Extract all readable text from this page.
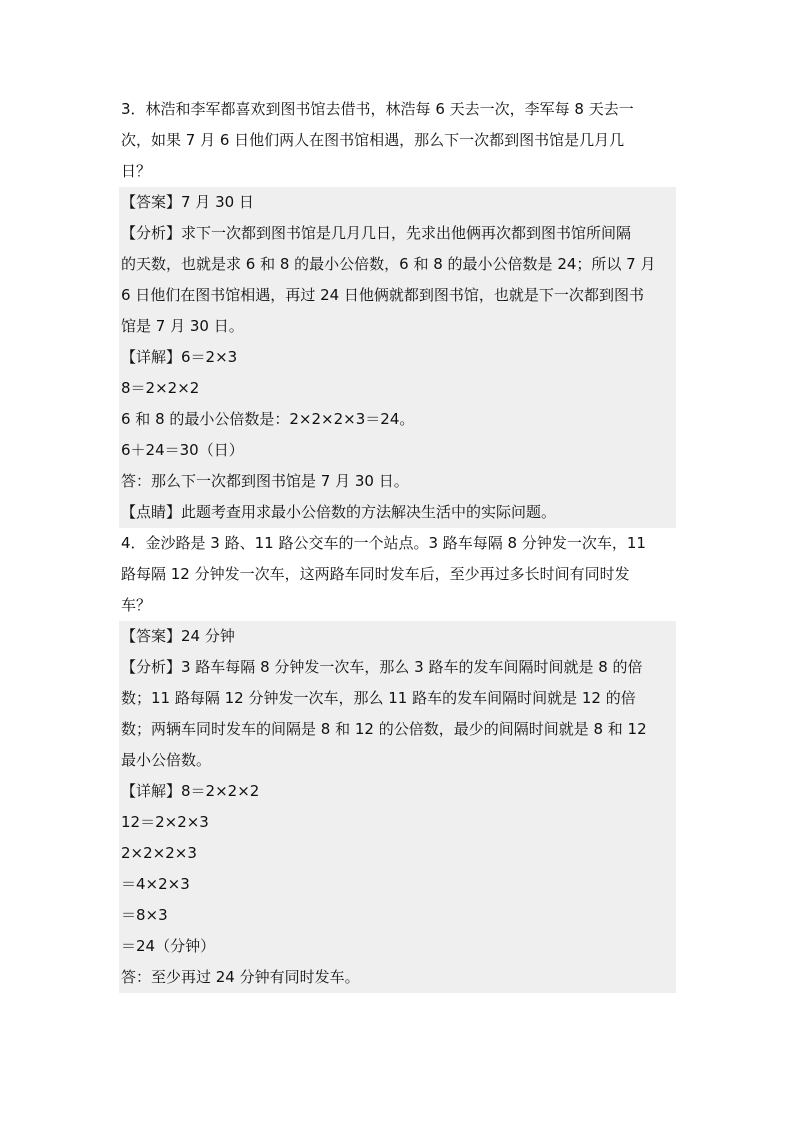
3．林浩和李军都喜欢到图书馆去借书，林浩每 6 天去一次，李军每 8 天去一
次，如果 7 月 6 日他们两人在图书馆相遇，那么下一次都到图书馆是几月几
日？
【答案】7 月 30 日
【分析】求下一次都到图书馆是几月几日，先求出他俩再次都到图书馆所间隔
的天数，也就是求 6 和 8 的最小公倍数，6 和 8 的最小公倍数是 24；所以 7 月
6 日他们在图书馆相遇，再过 24 日他俩就都到图书馆，也就是下一次都到图书
馆是 7 月 30 日。
【详解】6＝2×3
8＝2×2×2
6 和 8 的最小公倍数是：2×2×2×3＝24。
6＋24＝30（日）
答：那么下一次都到图书馆是 7 月 30 日。
【点睛】此题考查用求最小公倍数的方法解决生活中的实际问题。
4．金沙路是 3 路、11 路公交车的一个站点。3 路车每隔 8 分钟发一次车，11
路每隔 12 分钟发一次车，这两路车同时发车后，至少再过多长时间有同时发
车？
【答案】24 分钟
【分析】3 路车每隔 8 分钟发一次车，那么 3 路车的发车间隔时间就是 8 的倍
数；11 路每隔 12 分钟发一次车，那么 11 路车的发车间隔时间就是 12 的倍
数；两辆车同时发车的间隔是 8 和 12 的公倍数，最少的间隔时间就是 8 和 12
最小公倍数。
【详解】8＝2×2×2
12＝2×2×3
2×2×2×3
＝4×2×3
＝8×3
＝24（分钟）
答：至少再过 24 分钟有同时发车。
